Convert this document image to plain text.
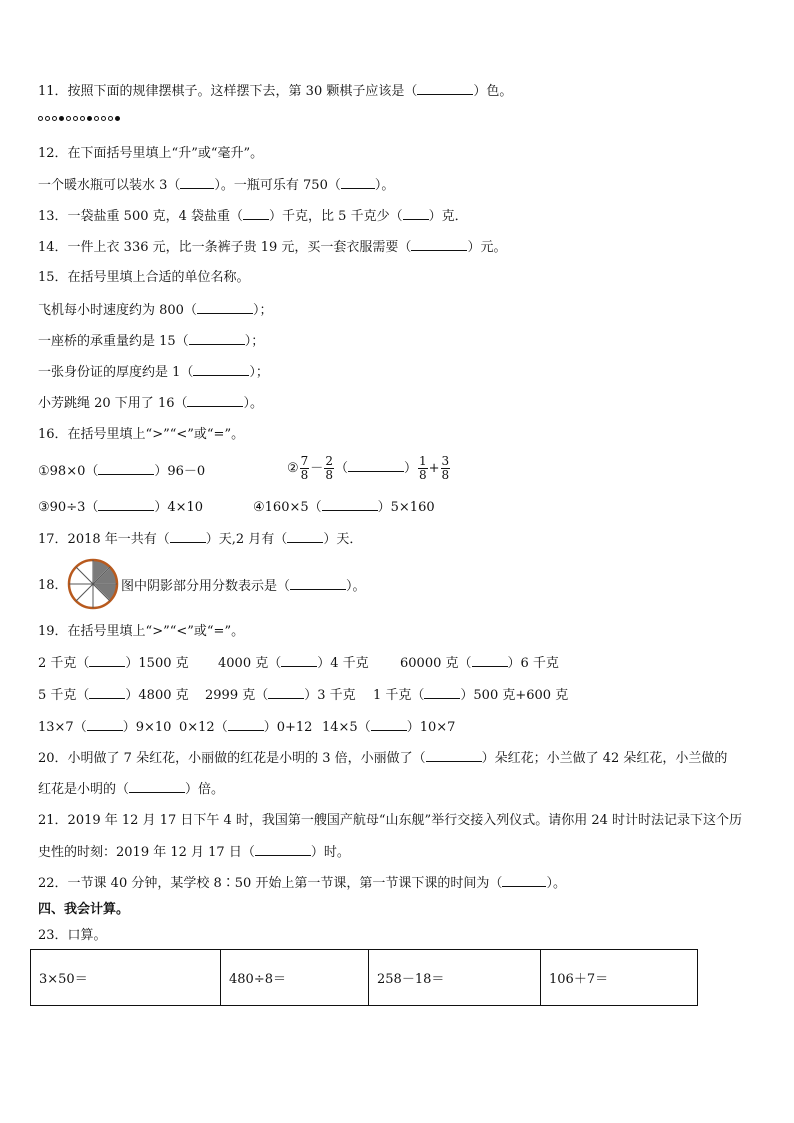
11．按照下面的规律摆棋子。这样摆下去，第 30 颗棋子应该是（	）色。
12．在下面括号里填上“升”或“毫升”。
一个暖水瓶可以装水 3（	）。一瓶可乐有 750（	）。
13．一袋盐重 500 克，4 袋盐重（ ）千克，比 5 千克少（ ）克．
14．一件上衣 336 元，比一条裤子贵 19 元，买一套衣服需要（	）元。
15．在括号里填上合适的单位名称。
飞机每小时速度约为 800（	）；
一座桥的承重量约是 15（	）；
一张身份证的厚度约是 1（	）；
小芳跳绳 20 下用了 16（	）。
16．在括号里填上“>”“<”或“=”。
①98×0（	）96－0	② $\frac{7}{8} - \frac{2}{8}$ （	） $\frac{1}{8} + \frac{3}{8}$
③90÷3（	）4×10	④160×5（	）5×160
17．2018 年一共有（	）天,2 月有（	）天．
18．	图中阴影部分用分数表示是（	）。
19．在括号里填上“>”“<”或“=”。
2 千克（	）1500 克 4000 克（	）4 千克 60000 克（	）6 千克
5 千克（	）4800 克 2999 克（	）3 千克 1 千克（	）500 克+600 克
13×7（	）9×10 0×12（	）0+12 14×5（	）10×7
20．小明做了 7 朵红花，小丽做的红花是小明的 3 倍，小丽做了（	）朵红花；小兰做了 42 朵红花，小兰做的
红花是小明的（	）倍。
21．2019 年 12 月 17 日下午 4 时，我国第一艘国产航母“山东舰”举行交接入列仪式。请你用 24 时计时法记录下这个历
史性的时刻：2019 年 12 月 17 日（	）时。
22．一节课 40 分钟，某学校 8∶50 开始上第一节课，第一节课下课的时间为（	）。
四、我会计算。
23．口算。
3×50＝	480÷8＝	258－18＝	106＋7＝
